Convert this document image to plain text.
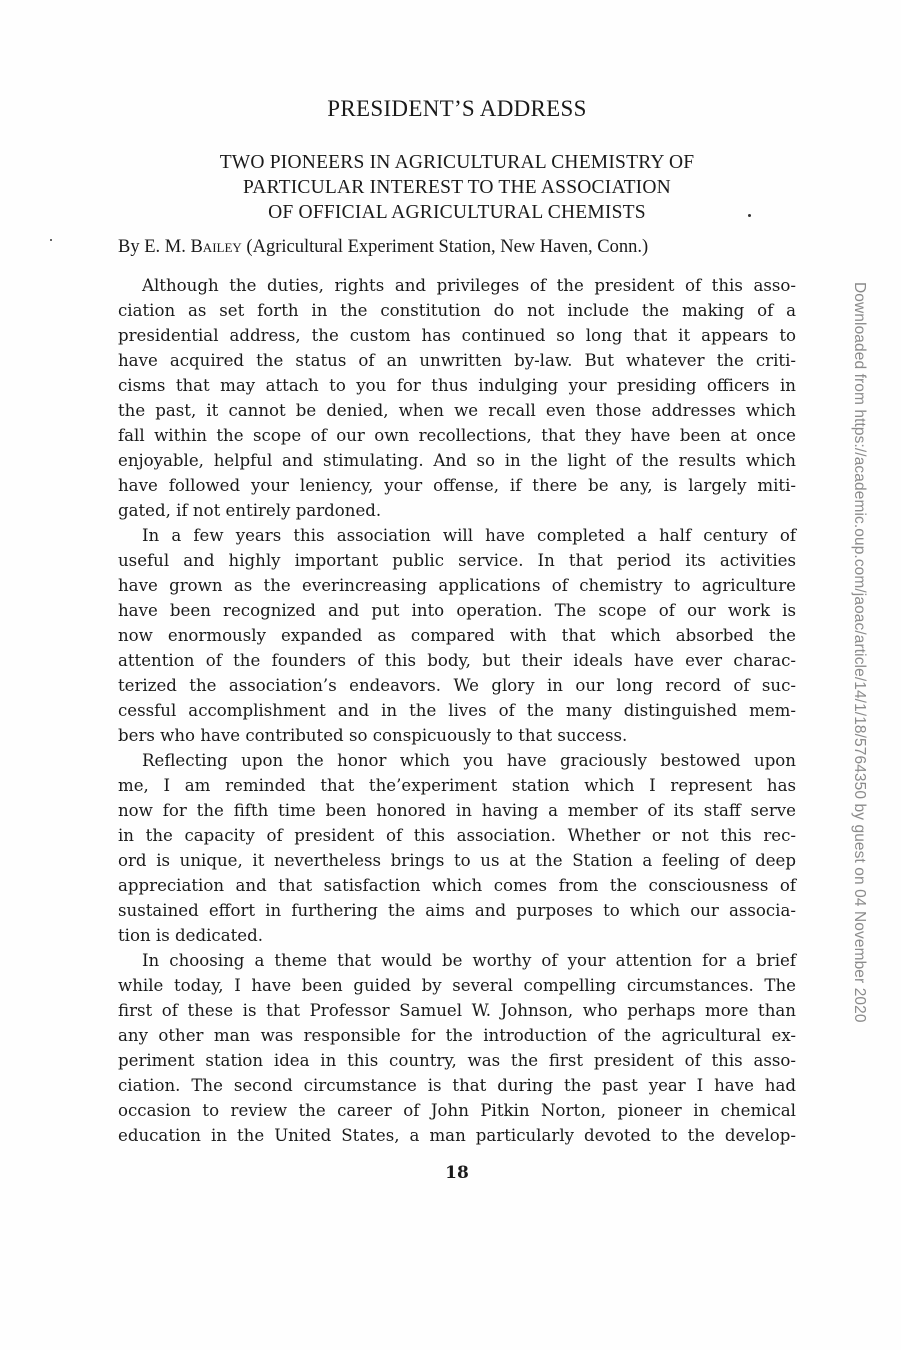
PRESIDENT’S ADDRESS
TWO PIONEERS IN AGRICULTURAL CHEMISTRY OF
PARTICULAR INTEREST TO THE ASSOCIATION
OF OFFICIAL AGRICULTURAL CHEMISTS
By E. M. Bailey (Agricultural Experiment Station, New Haven, Conn.)
Although the duties, rights and privileges of the president of this asso-
ciation as set forth in the constitution do not include the making of a
presidential address, the custom has continued so long that it appears to
have acquired the status of an unwritten by-law. But whatever the criti-
cisms that may attach to you for thus indulging your presiding officers in
the past, it cannot be denied, when we recall even those addresses which
fall within the scope of our own recollections, that they have been at once
enjoyable, helpful and stimulating. And so in the light of the results which
have followed your leniency, your offense, if there be any, is largely miti-
gated, if not entirely pardoned.
In a few years this association will have completed a half century of
useful and highly important public service. In that period its activities
have grown as the everincreasing applications of chemistry to agriculture
have been recognized and put into operation. The scope of our work is
now enormously expanded as compared with that which absorbed the
attention of the founders of this body, but their ideals have ever charac-
terized the association’s endeavors. We glory in our long record of suc-
cessful accomplishment and in the lives of the many distinguished mem-
bers who have contributed so conspicuously to that success.
Reflecting upon the honor which you have graciously bestowed upon
me, I am reminded that the’experiment station which I represent has
now for the fifth time been honored in having a member of its staff serve
in the capacity of president of this association. Whether or not this rec-
ord is unique, it nevertheless brings to us at the Station a feeling of deep
appreciation and that satisfaction which comes from the consciousness of
sustained effort in furthering the aims and purposes to which our associa-
tion is dedicated.
In choosing a theme that would be worthy of your attention for a brief
while today, I have been guided by several compelling circumstances. The
first of these is that Professor Samuel W. Johnson, who perhaps more than
any other man was responsible for the introduction of the agricultural ex-
periment station idea in this country, was the first president of this asso-
ciation. The second circumstance is that during the past year I have had
occasion to review the career of John Pitkin Norton, pioneer in chemical
education in the United States, a man particularly devoted to the develop-
18
Downloaded from https://academic.oup.com/jaoac/article/14/1/18/5764350 by guest on 04 November 2020
